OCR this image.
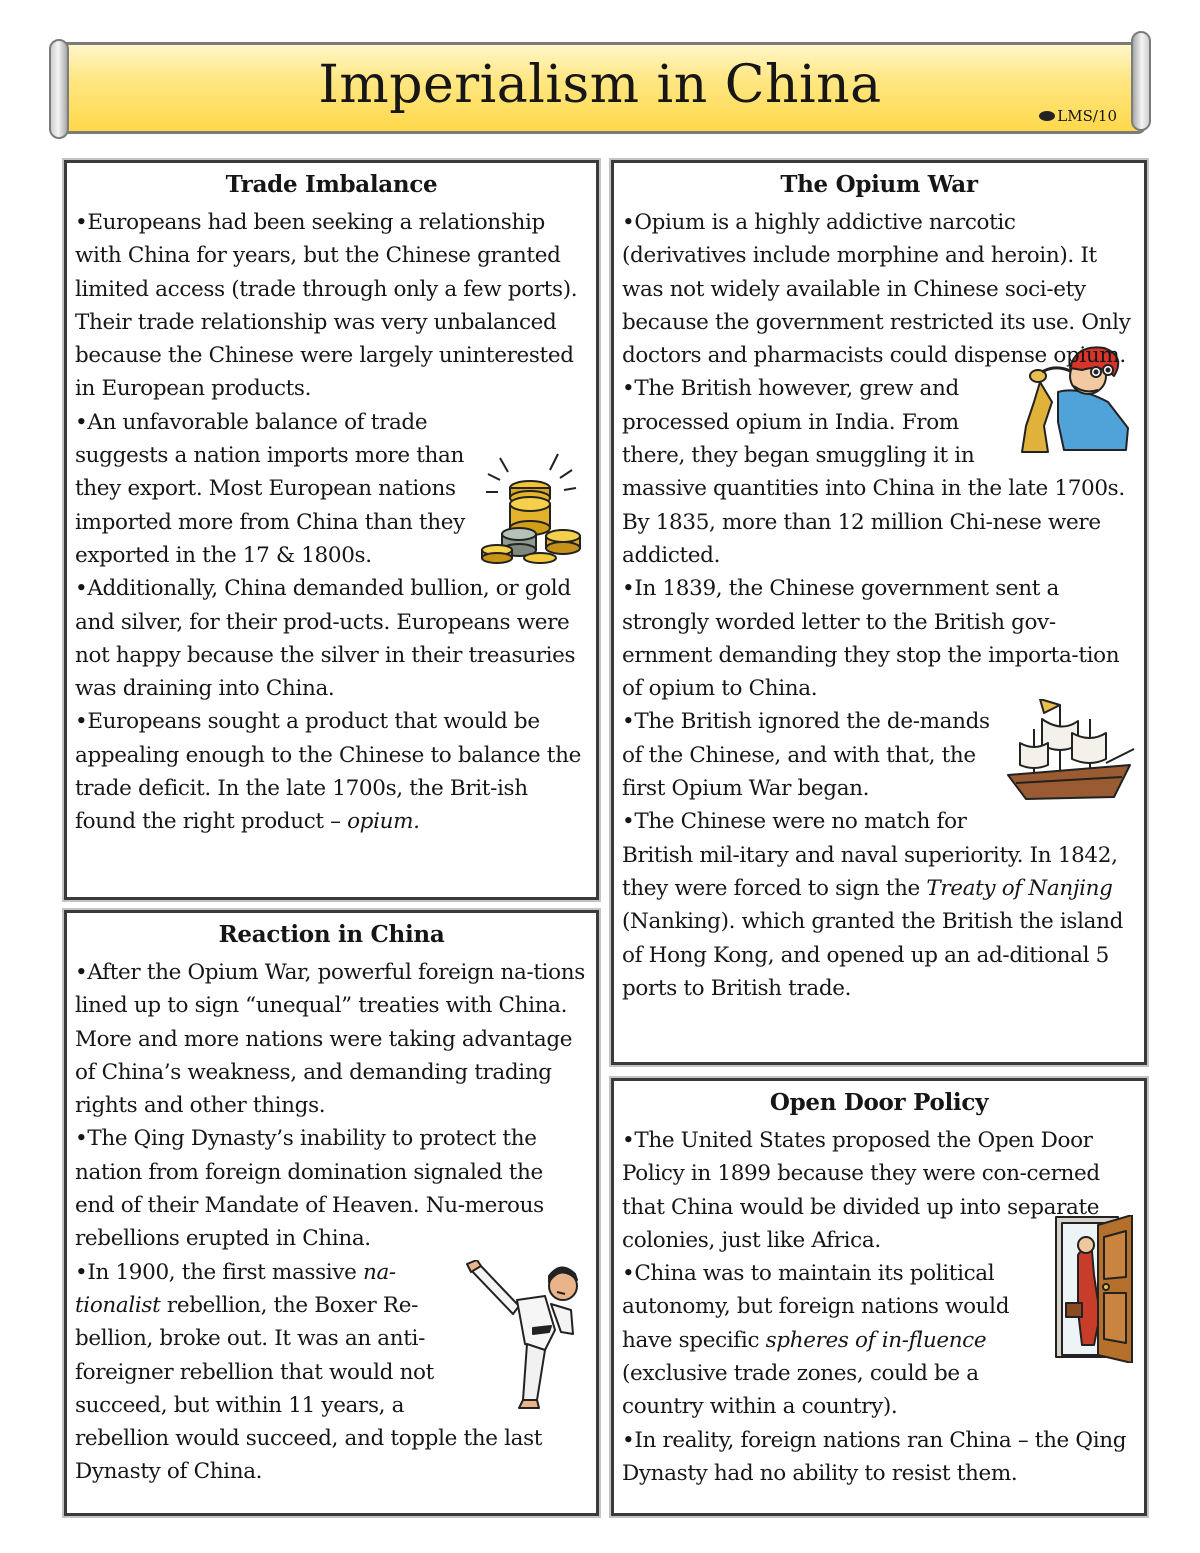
Imperialism in China
LMS/10
Trade Imbalance

•Europeans had been seeking a relationship with China for years, but the Chinese granted limited access (trade through only a few ports). Their trade relationship was very unbalanced because the Chinese were largely uninterested in European products.

•An unfavorable balance of trade suggests a nation imports more than they export. Most European nations imported more from China than they exported in the 17 & 1800s.

•Additionally, China demanded bullion, or gold and silver, for their prod-ucts. Europeans were not happy because the silver in their treasuries was draining into China.

•Europeans sought a product that would be appealing enough to the Chinese to balance the trade deficit. In the late 1700s, the Brit-ish found the right product – opium.

Reaction in China

•After the Opium War, powerful foreign na-tions lined up to sign “unequal” treaties with China. More and more nations were taking advantage of China’s weakness, and demanding trading rights and other things.

•The Qing Dynasty’s inability to protect the nation from foreign domination signaled the end of their Mandate of Heaven. Nu-merous rebellions erupted in China.

•In 1900, the first massive na-tionalist rebellion, the Boxer Re-bellion, broke out. It was an anti-foreigner rebellion that would not succeed, but within 11 years, a rebellion would succeed, and topple the last Dynasty of China.

The Opium War

•Opium is a highly addictive narcotic (derivatives include morphine and heroin). It was not widely available in Chinese soci-ety because the government restricted its use. Only doctors and pharmacists could dispense opium.

•The British however, grew and processed opium in India. From there, they began smuggling it in massive quantities into China in the late 1700s. By 1835, more than 12 million Chi-nese were addicted.

•In 1839, the Chinese government sent a strongly worded letter to the British gov-ernment demanding they stop the importa-tion of opium to China.

•The British ignored the de-mands of the Chinese, and with that, the first Opium War began.

•The Chinese were no match for British mil-itary and naval superiority. In 1842, they were forced to sign the Treaty of Nanjing (Nanking). which granted the British the island of Hong Kong, and opened up an ad-ditional 5 ports to British trade.

Open Door Policy

•The United States proposed the Open Door Policy in 1899 because they were con-cerned that China would be divided up into separate colonies, just like Africa.

•China was to maintain its political autonomy, but foreign nations would have specific spheres of in-fluence (exclusive trade zones, could be a country within a country).

•In reality, foreign nations ran China – the Qing Dynasty had no ability to resist them.
